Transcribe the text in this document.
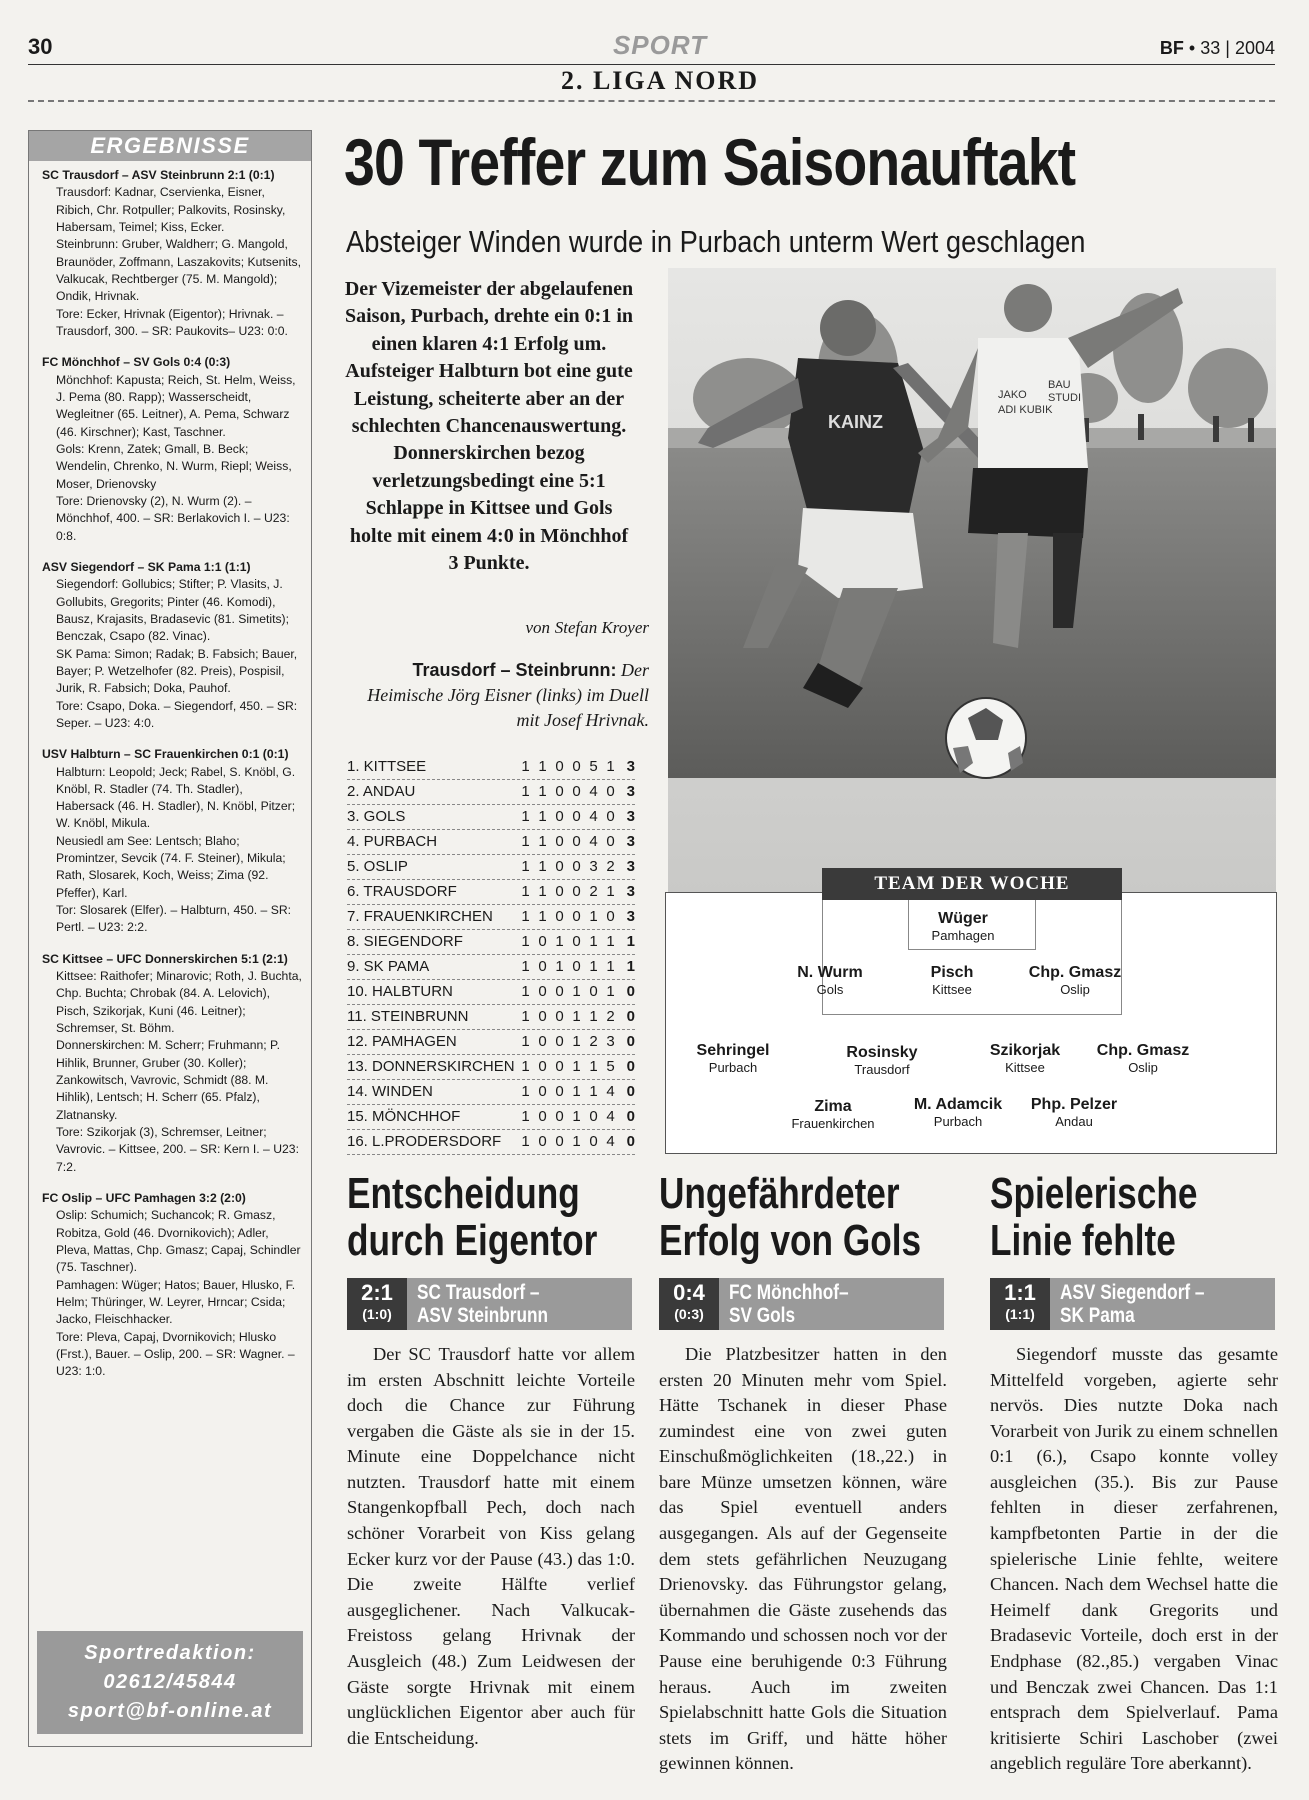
30	SPORT	BF • 33 | 2004
2. LIGA NORD
ERGEBNISSE

SC Trausdorf – ASV Steinbrunn 2:1 (0:1)

Trausdorf: Kadnar, Cservienka, Eisner, Ribich, Chr. Rotpuller; Palkovits, Rosinsky, Habersam, Teimel; Kiss, Ecker.

Steinbrunn: Gruber, Waldherr; G. Mangold, Braunöder, Zoffmann, Laszakovits; Kutsenits, Valkucak, Rechtberger (75. M. Mangold); Ondik, Hrivnak.

Tore: Ecker, Hrivnak (Eigentor); Hrivnak. – Trausdorf, 300. – SR: Paukovits– U23: 0:0.

FC Mönchhof – SV Gols 0:4 (0:3)

Mönchhof: Kapusta; Reich, St. Helm, Weiss, J. Pema (80. Rapp); Wasserscheidt, Wegleitner (65. Leitner), A. Pema, Schwarz (46. Kirschner); Kast, Taschner.

Gols: Krenn, Zatek; Gmall, B. Beck; Wendelin, Chrenko, N. Wurm, Riepl; Weiss, Moser, Drienovsky

Tore: Drienovsky (2), N. Wurm (2). – Mönchhof, 400. – SR: Berlakovich I. – U23: 0:8.

ASV Siegendorf – SK Pama 1:1 (1:1)

Siegendorf: Gollubics; Stifter; P. Vlasits, J. Gollubits, Gregorits; Pinter (46. Komodi), Bausz, Krajasits, Bradasevic (81. Simetits); Benczak, Csapo (82. Vinac).

SK Pama: Simon; Radak; B. Fabsich; Bauer, Bayer; P. Wetzelhofer (82. Preis), Pospisil, Jurik, R. Fabsich; Doka, Pauhof.

Tore: Csapo, Doka. – Siegendorf, 450. – SR: Seper. – U23: 4:0.

USV Halbturn – SC Frauenkirchen 0:1 (0:1)

Halbturn: Leopold; Jeck; Rabel, S. Knöbl, G. Knöbl, R. Stadler (74. Th. Stadler), Habersack (46. H. Stadler), N. Knöbl, Pitzer; W. Knöbl, Mikula.

Neusiedl am See: Lentsch; Blaho; Promintzer, Sevcik (74. F. Steiner), Mikula; Rath, Slosarek, Koch, Weiss; Zima (92. Pfeffer), Karl.

Tor: Slosarek (Elfer). – Halbturn, 450. – SR: Pertl. – U23: 2:2.

SC Kittsee – UFC Donnerskirchen 5:1 (2:1)

Kittsee: Raithofer; Minarovic; Roth, J. Buchta, Chp. Buchta; Chrobak (84. A. Lelovich), Pisch, Szikorjak, Kuni (46. Leitner); Schremser, St. Böhm.

Donnerskirchen: M. Scherr; Fruhmann; P. Hihlik, Brunner, Gruber (30. Koller); Zankowitsch, Vavrovic, Schmidt (88. M. Hihlik), Lentsch; H. Scherr (65. Pfalz), Zlatnansky.

Tore: Szikorjak (3), Schremser, Leitner; Vavrovic. – Kittsee, 200. – SR: Kern I. – U23: 7:2.

FC Oslip – UFC Pamhagen 3:2 (2:0)

Oslip: Schumich; Suchancok; R. Gmasz, Robitza, Gold (46. Dvornikovich); Adler, Pleva, Mattas, Chp. Gmasz; Capaj, Schindler (75. Taschner).

Pamhagen: Wüger; Hatos; Bauer, Hlusko, F. Helm; Thüringer, W. Leyrer, Hrncar; Csida; Jacko, Fleischhacker.

Tore: Pleva, Capaj, Dvornikovich; Hlusko (Frst.), Bauer. – Oslip, 200. – SR: Wagner. – U23: 1:0.

Sportredaktion:
02612/45844
sport@bf-online.at
30 Treffer zum Saisonauftakt
Absteiger Winden wurde in Purbach unterm Wert geschlagen
Der Vizemeister der abgelaufenen Saison, Purbach, drehte ein 0:1 in einen klaren 4:1 Erfolg um. Aufsteiger Halbturn bot eine gute Leistung, scheiterte aber an der schlechten Chancenauswertung. Donnerskirchen bezog verletzungsbedingt eine 5:1 Schlappe in Kittsee und Gols holte mit einem 4:0 in Mönchhof 3 Punkte.
von Stefan Kroyer
Trausdorf – Steinbrunn: Der Heimische Jörg Eisner (links) im Duell mit Josef Hrivnak.
KAINZ
JAKO
ADI KUBIK
BAU
STUDI
1. KITTSEE	1 1 0 0 5 1 3
2. ANDAU	1 1 0 0 4 0 3
3. GOLS	1 1 0 0 4 0 3
4. PURBACH	1 1 0 0 4 0 3
5. OSLIP	1 1 0 0 3 2 3
6. TRAUSDORF	1 1 0 0 2 1 3
7. FRAUENKIRCHEN	1 1 0 0 1 0 3
8. SIEGENDORF	1 0 1 0 1 1 1
9. SK PAMA	1 0 1 0 1 1 1
10. HALBTURN	1 0 0 1 0 1 0
11. STEINBRUNN	1 0 0 1 1 2 0
12. PAMHAGEN	1 0 0 1 2 3 0
13. DONNERSKIRCHEN 1 0 0 1 1 5 0
14. WINDEN	1 0 0 1 1 4 0
15. MÖNCHHOF	1 0 0 1 0 4 0
16. L.PRODERSDORF	1 0 0 1 0 4 0
TEAM DER WOCHE
Wüger
Pamhagen
N. Wurm
Gols
Pisch
Kittsee
Chp. Gmasz
Oslip
Sehringel
Purbach
Rosinsky
Trausdorf
Szikorjak
Kittsee
Chp. Gmasz
Oslip
Zima
Frauenkirchen
M. Adamcik
Purbach
Php. Pelzer
Andau
Entscheidung
durch Eigentor
2:1
(1:0)
SC Trausdorf –
ASV Steinbrunn
Der SC Trausdorf hatte vor allem im ersten Abschnitt leichte Vorteile doch die Chance zur Führung vergaben die Gäste als sie in der 15. Minute eine Doppelchance nicht nutzten. Trausdorf hatte mit einem Stangenkopfball Pech, doch nach schöner Vorarbeit von Kiss gelang Ecker kurz vor der Pause (43.) das 1:0. Die zweite Hälfte verlief ausgeglichener. Nach Valkucak-Freistoss gelang Hrivnak der Ausgleich (48.) Zum Leidwesen der Gäste sorgte Hrivnak mit einem unglücklichen Eigentor aber auch für die Entscheidung.
Ungefährdeter
Erfolg von Gols
0:4
(0:3)
FC Mönchhof–
SV Gols
Die Platzbesitzer hatten in den ersten 20 Minuten mehr vom Spiel. Hätte Tschanek in dieser Phase zumindest eine von zwei guten Einschußmöglichkeiten (18.,22.) in bare Münze umsetzen können, wäre das Spiel eventuell anders ausgegangen. Als auf der Gegenseite dem stets gefährlichen Neuzugang Drienovsky. das Führungstor gelang, übernahmen die Gäste zusehends das Kommando und schossen noch vor der Pause eine beruhigende 0:3 Führung heraus. Auch im zweiten Spielabschnitt hatte Gols die Situation stets im Griff, und hätte höher gewinnen können.
Spielerische
Linie fehlte
1:1
(1:1)
ASV Siegendorf –
SK Pama
Siegendorf musste das gesamte Mittelfeld vorgeben, agierte sehr nervös. Dies nutzte Doka nach Vorarbeit von Jurik zu einem schnellen 0:1 (6.), Csapo konnte volley ausgleichen (35.). Bis zur Pause fehlten in dieser zerfahrenen, kampfbetonten Partie in der die spielerische Linie fehlte, weitere Chancen. Nach dem Wechsel hatte die Heimelf dank Gregorits und Bradasevic Vorteile, doch erst in der Endphase (82.,85.) vergaben Vinac und Benczak zwei Chancen. Das 1:1 entsprach dem Spielverlauf. Pama kritisierte Schiri Laschober (zwei angeblich reguläre Tore aberkannt).
